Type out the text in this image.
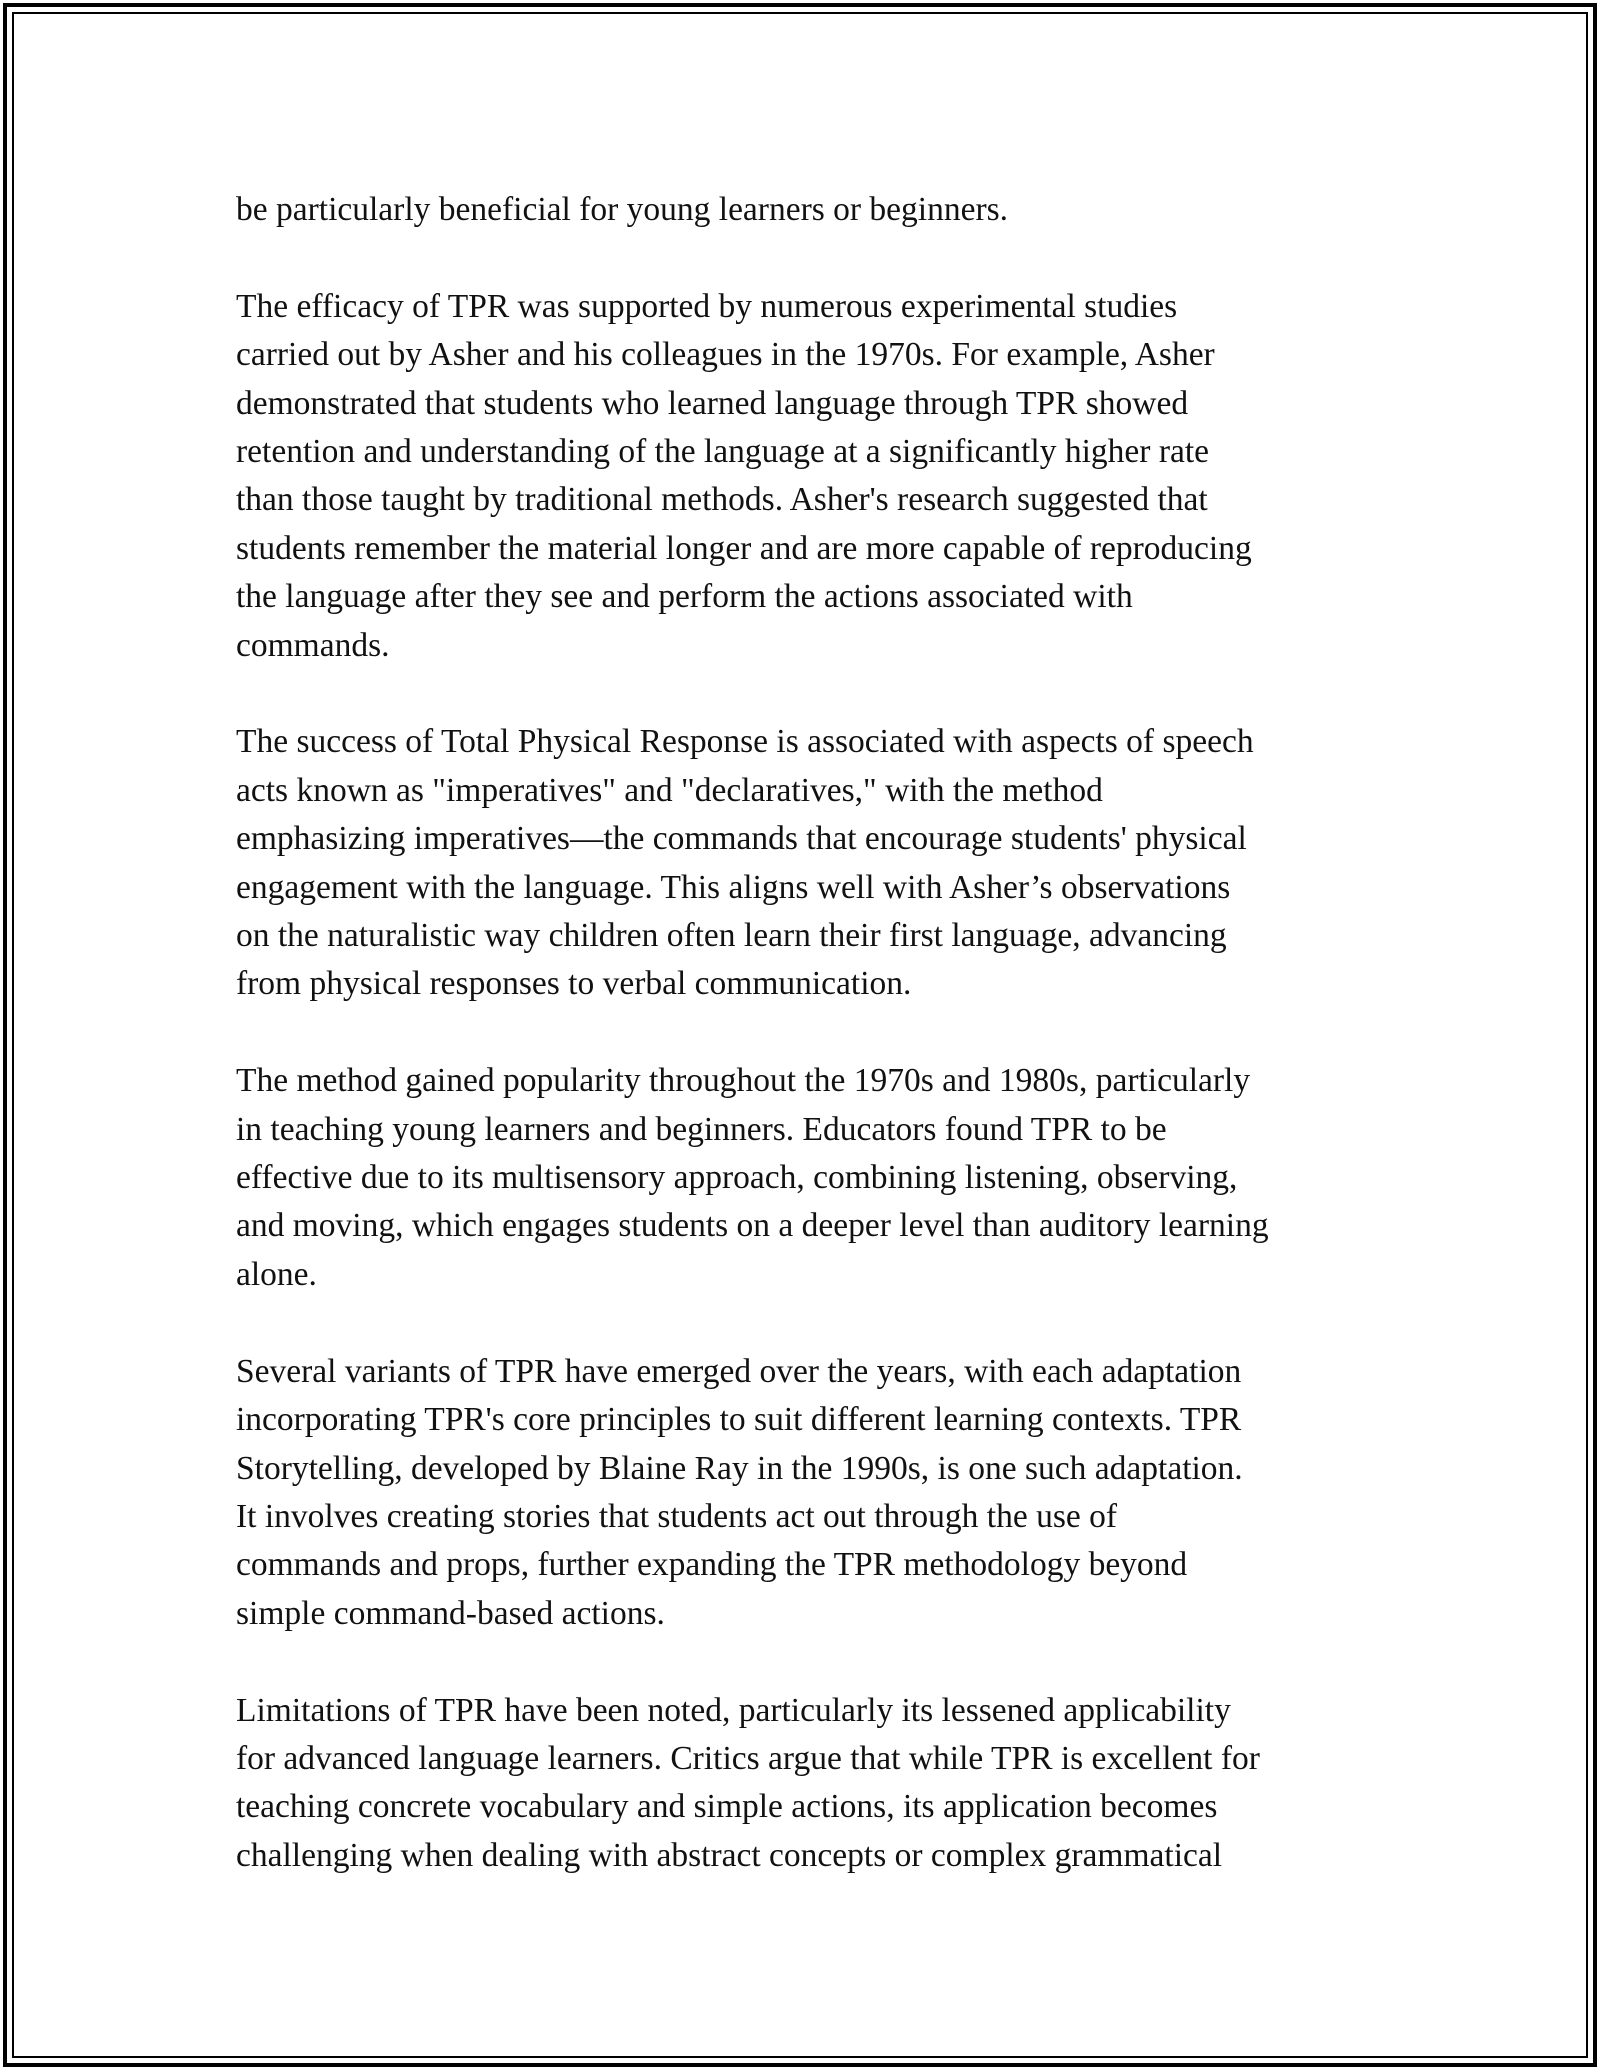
be particularly beneficial for young learners or beginners.

The efficacy of TPR was supported by numerous experimental studies
carried out by Asher and his colleagues in the 1970s. For example, Asher
demonstrated that students who learned language through TPR showed
retention and understanding of the language at a significantly higher rate
than those taught by traditional methods. Asher's research suggested that
students remember the material longer and are more capable of reproducing
the language after they see and perform the actions associated with
commands.

The success of Total Physical Response is associated with aspects of speech
acts known as "imperatives" and "declaratives," with the method
emphasizing imperatives—the commands that encourage students' physical
engagement with the language. This aligns well with Asher’s observations
on the naturalistic way children often learn their first language, advancing
from physical responses to verbal communication.

The method gained popularity throughout the 1970s and 1980s, particularly
in teaching young learners and beginners. Educators found TPR to be
effective due to its multisensory approach, combining listening, observing,
and moving, which engages students on a deeper level than auditory learning
alone.

Several variants of TPR have emerged over the years, with each adaptation
incorporating TPR's core principles to suit different learning contexts. TPR
Storytelling, developed by Blaine Ray in the 1990s, is one such adaptation.
It involves creating stories that students act out through the use of
commands and props, further expanding the TPR methodology beyond
simple command-based actions.

Limitations of TPR have been noted, particularly its lessened applicability
for advanced language learners. Critics argue that while TPR is excellent for
teaching concrete vocabulary and simple actions, its application becomes
challenging when dealing with abstract concepts or complex grammatical
